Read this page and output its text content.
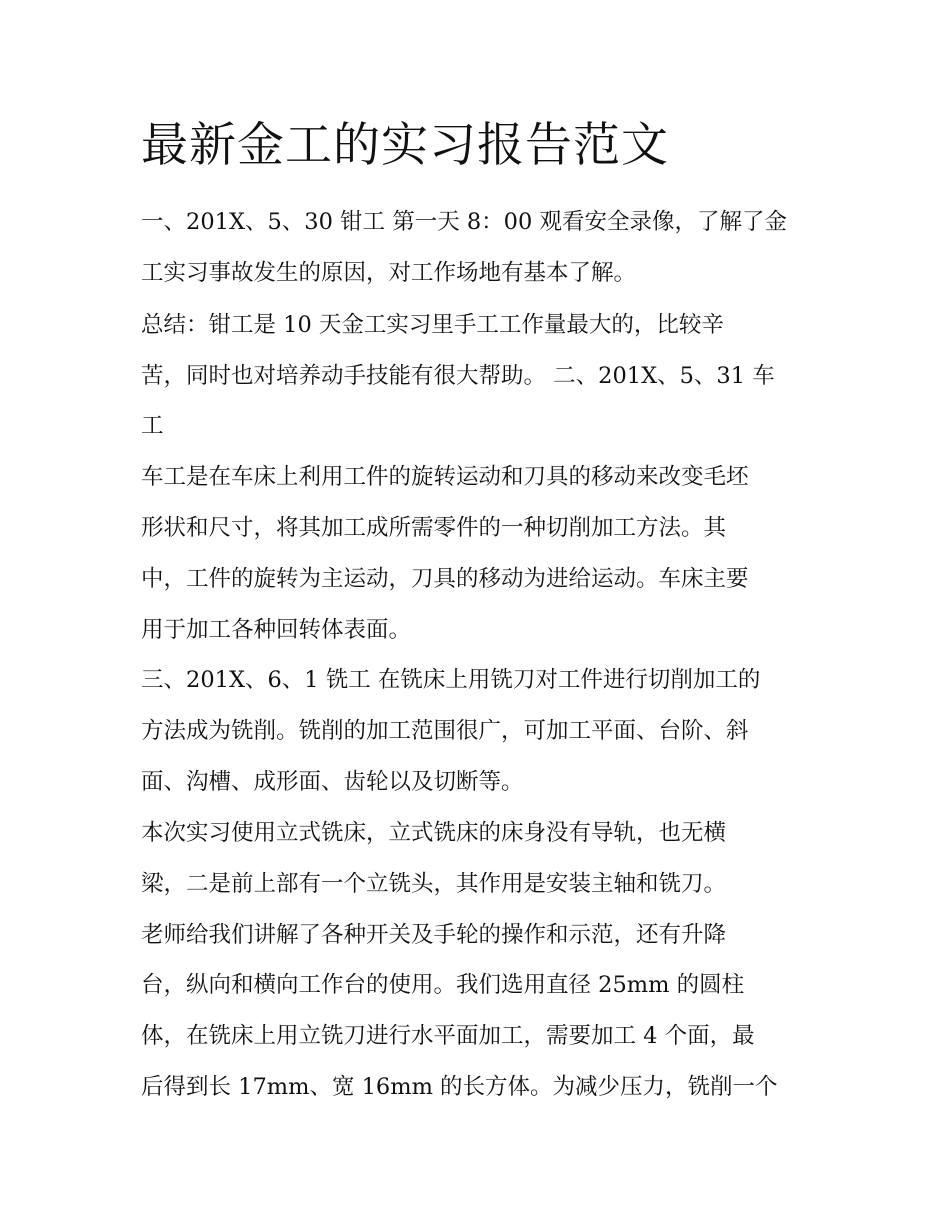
最新金工的实习报告范文
一、201X、5、30 钳工 第一天 8：00 观看安全录像，了解了金
工实习事故发生的原因，对工作场地有基本了解。
总结：钳工是 10 天金工实习里手工工作量最大的，比较辛
苦，同时也对培养动手技能有很大帮助。 二、201X、5、31 车
工
车工是在车床上利用工件的旋转运动和刀具的移动来改变毛坯
形状和尺寸，将其加工成所需零件的一种切削加工方法。其
中，工件的旋转为主运动，刀具的移动为进给运动。车床主要
用于加工各种回转体表面。
三、201X、6、1 铣工 在铣床上用铣刀对工件进行切削加工的
方法成为铣削。铣削的加工范围很广，可加工平面、台阶、斜
面、沟槽、成形面、齿轮以及切断等。
本次实习使用立式铣床，立式铣床的床身没有导轨，也无横
梁，二是前上部有一个立铣头，其作用是安装主轴和铣刀。
老师给我们讲解了各种开关及手轮的操作和示范，还有升降
台，纵向和横向工作台的使用。我们选用直径 25mm 的圆柱
体，在铣床上用立铣刀进行水平面加工，需要加工 4 个面，最
后得到长 17mm、宽 16mm 的长方体。为减少压力，铣削一个
